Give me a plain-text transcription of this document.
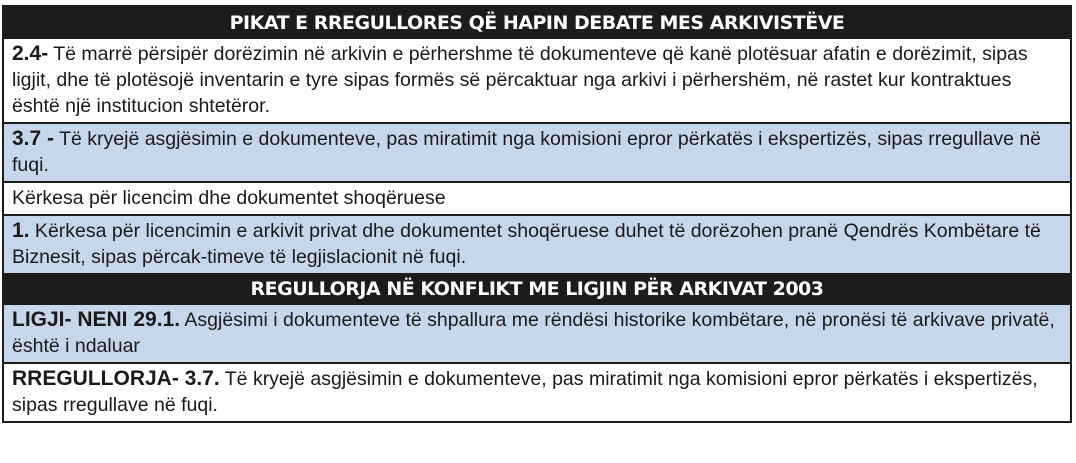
PIKAT E RREGULLORES QË HAPIN DEBATE MES ARKIVISTËVE
2.4- Të marrë përsipër dorëzimin në arkivin e përhershme të dokumenteve që kanë plotësuar afatin e dorëzimit, sipas ligjit, dhe të plotësojë inventarin e tyre sipas formës së përcaktuar nga arkivi i përhershëm, në rastet kur kontraktues është një institucion shtetëror.
3.7 - Të kryejë asgjësimin e dokumenteve, pas miratimit nga komisioni epror përkatës i ekspertizës, sipas rregullave në fuqi.
Kërkesa për licencim dhe dokumentet shoqëruese
1. Kërkesa për licencimin e arkivit privat dhe dokumentet shoqëruese duhet të dorëzohen pranë Qendrës Kombëtare të Biznesit, sipas përcak-timeve të legjislacionit në fuqi.
REGULLORJA NË KONFLIKT ME LIGJIN PËR ARKIVAT 2003
LIGJI- NENI 29.1. Asgjësimi i dokumenteve të shpallura me rëndësi historike kombëtare, në pronësi të arkivave privatë, është i ndaluar
RREGULLORJA- 3.7. Të kryejë asgjësimin e dokumenteve, pas miratimit nga komisioni epror përkatës i ekspertizës, sipas rregullave në fuqi.
